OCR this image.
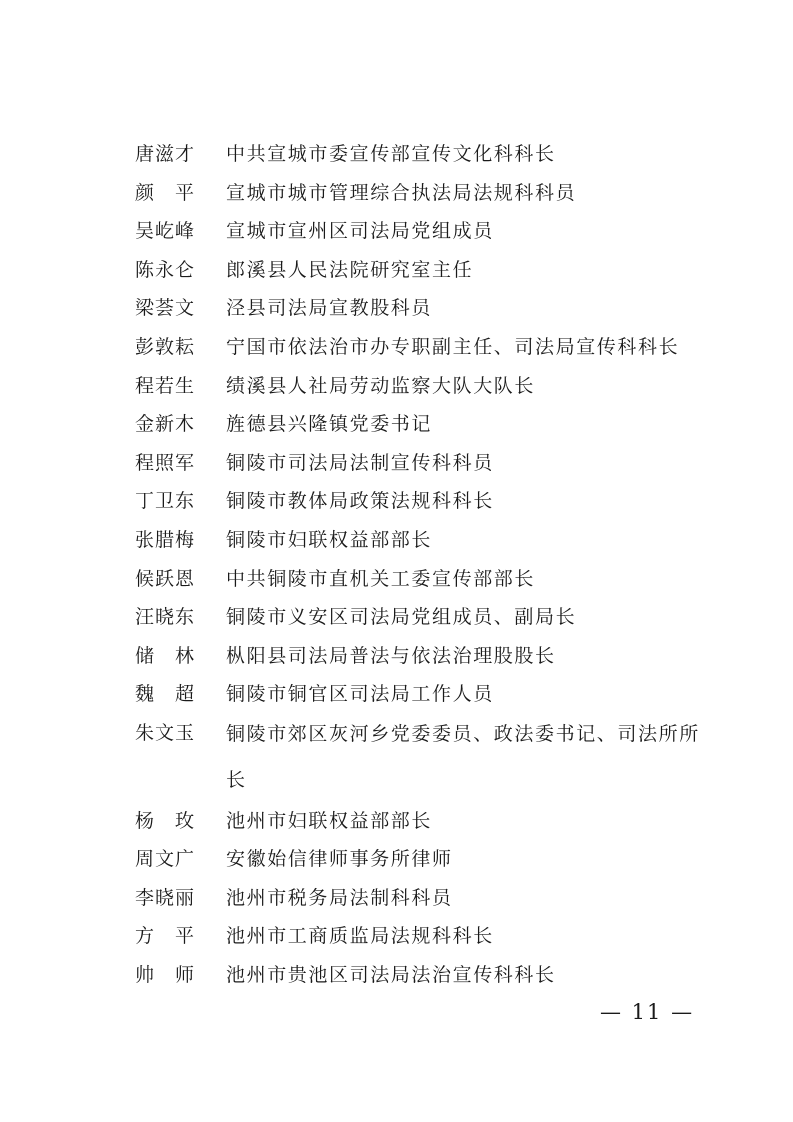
唐滋才	中共宣城市委宣传部宣传文化科科长
颜　平	宣城市城市管理综合执法局法规科科员
吴屹峰	宣城市宣州区司法局党组成员
陈永仑	郎溪县人民法院研究室主任
梁荟文	泾县司法局宣教股科员
彭敦耘	宁国市依法治市办专职副主任、司法局宣传科科长
程若生	绩溪县人社局劳动监察大队大队长
金新木	旌德县兴隆镇党委书记
程照军	铜陵市司法局法制宣传科科员
丁卫东	铜陵市教体局政策法规科科长
张腊梅	铜陵市妇联权益部部长
候跃恩	中共铜陵市直机关工委宣传部部长
汪晓东	铜陵市义安区司法局党组成员、副局长
储　林	枞阳县司法局普法与依法治理股股长
魏　超	铜陵市铜官区司法局工作人员
朱文玉	铜陵市郊区灰河乡党委委员、政法委书记、司法所所长
杨　玫	池州市妇联权益部部长
周文广	安徽始信律师事务所律师
李晓丽	池州市税务局法制科科员
方　平	池州市工商质监局法规科科长
帅　师	池州市贵池区司法局法治宣传科科长
— 11 —
